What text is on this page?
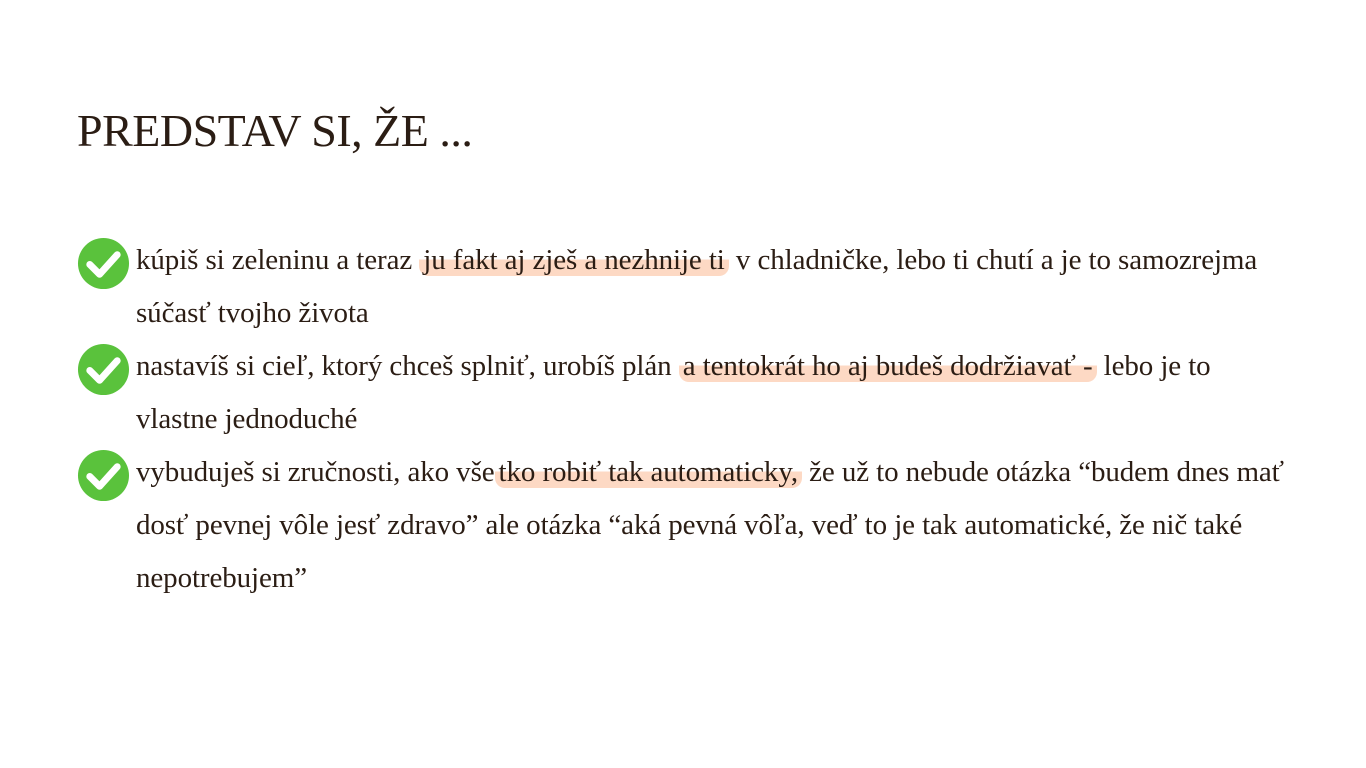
PREDSTAV SI, ŽE ...
kúpiš si zeleninu a teraz ju fakt aj zješ a nezhnije ti v chladničke, lebo ti chutí a je to samozrejma súčasť tvojho života
nastavíš si cieľ, ktorý chceš splniť, urobíš plán a tentokrát ho aj budeš dodržiavať - lebo je to vlastne jednoduché
vybuduješ si zručnosti, ako vše tko robiť tak automaticky, že už to nebude otázka “budem dnes mať dosť pevnej vôle jesť zdravo” ale otázka “aká pevná vôľa, veď to je tak automatické, že nič také nepotrebujem”
